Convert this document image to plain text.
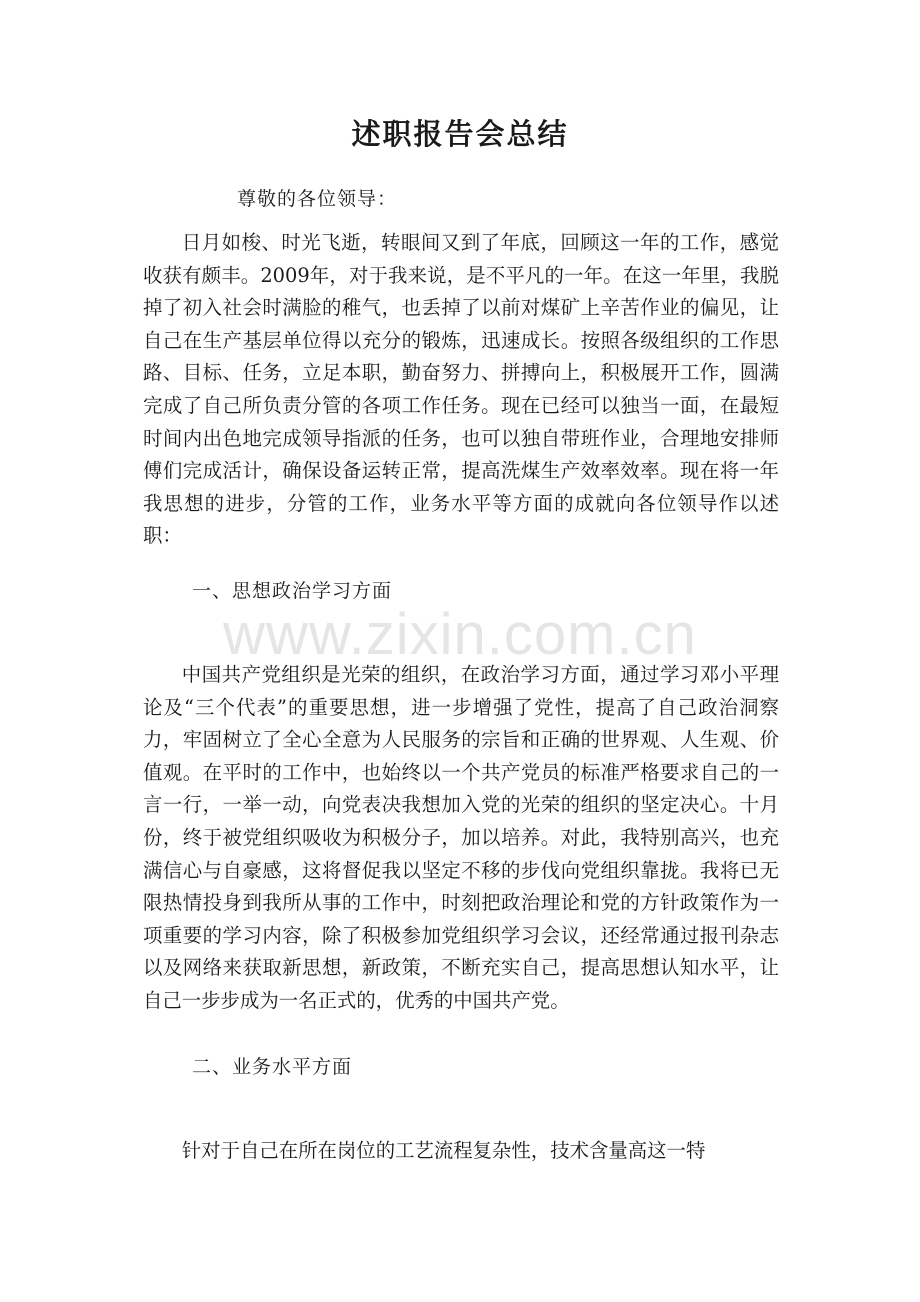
述职报告会总结
尊敬的各位领导：

日月如梭、时光飞逝，转眼间又到了年底，回顾这一年的工作，感觉收获有颇丰。2009年，对于我来说，是不平凡的一年。在这一年里，我脱掉了初入社会时满脸的稚气，也丢掉了以前对煤矿上辛苦作业的偏见，让自己在生产基层单位得以充分的锻炼，迅速成长。按照各级组织的工作思路、目标、任务，立足本职，勤奋努力、拼搏向上，积极展开工作，圆满完成了自己所负责分管的各项工作任务。现在已经可以独当一面，在最短时间内出色地完成领导指派的任务，也可以独自带班作业，合理地安排师傅们完成活计，确保设备运转正常，提高洗煤生产效率效率。现在将一年我思想的进步，分管的工作，业务水平等方面的成就向各位领导作以述职：

一、思想政治学习方面
www.zixin.com.cn

中国共产党组织是光荣的组织，在政治学习方面，通过学习邓小平理论及“三个代表”的重要思想，进一步增强了党性，提高了自己政治洞察力，牢固树立了全心全意为人民服务的宗旨和正确的世界观、人生观、价值观。在平时的工作中，也始终以一个共产党员的标准严格要求自己的一言一行，一举一动，向党表决我想加入党的光荣的组织的坚定决心。十月份，终于被党组织吸收为积极分子，加以培养。对此，我特别高兴，也充满信心与自豪感，这将督促我以坚定不移的步伐向党组织靠拢。我将已无限热情投身到我所从事的工作中，时刻把政治理论和党的方针政策作为一项重要的学习内容，除了积极参加党组织学习会议，还经常通过报刊杂志以及网络来获取新思想，新政策，不断充实自己，提高思想认知水平，让自己一步步成为一名正式的，优秀的中国共产党。

二、业务水平方面

针对于自己在所在岗位的工艺流程复杂性，技术含量高这一特
